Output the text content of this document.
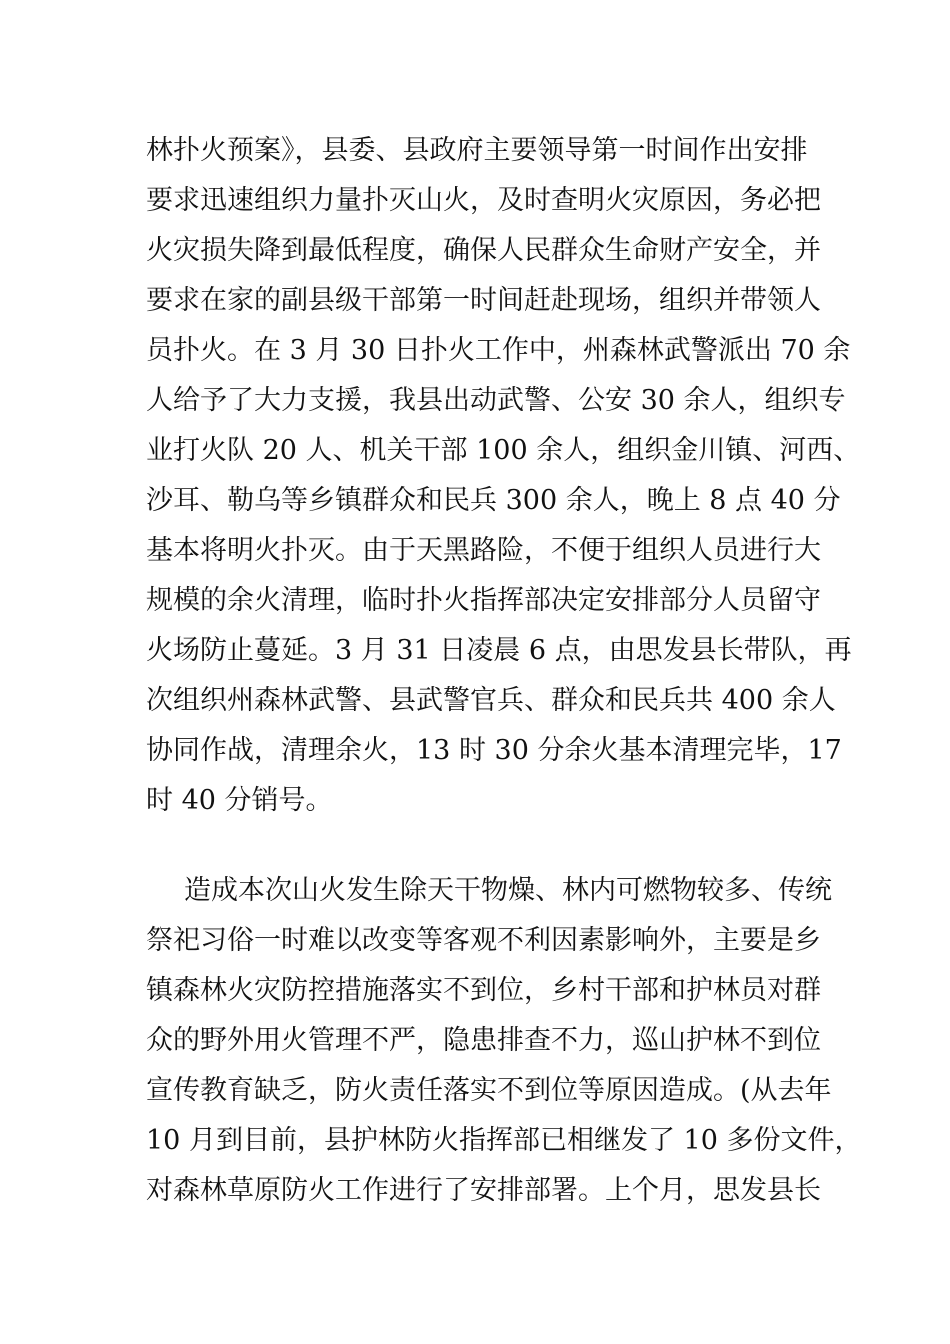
林扑火预案》，县委、县政府主要领导第一时间作出安排
要求迅速组织力量扑灭山火，及时查明火灾原因，务必把
火灾损失降到最低程度，确保人民群众生命财产安全，并
要求在家的副县级干部第一时间赶赴现场，组织并带领人
员扑火。在 3 月 30 日扑火工作中，州森林武警派出 70 余
人给予了大力支援，我县出动武警、公安 30 余人，组织专
业打火队 20 人、机关干部 100 余人，组织金川镇、河西、
沙耳、勒乌等乡镇群众和民兵 300 余人，晚上 8 点 40 分
基本将明火扑灭。由于天黑路险，不便于组织人员进行大
规模的余火清理，临时扑火指挥部决定安排部分人员留守
火场防止蔓延。3 月 31 日凌晨 6 点，由思发县长带队，再
次组织州森林武警、县武警官兵、群众和民兵共 400 余人
协同作战，清理余火，13 时 30 分余火基本清理完毕，17
时 40 分销号。
造成本次山火发生除天干物燥、林内可燃物较多、传统
祭祀习俗一时难以改变等客观不利因素影响外，主要是乡
镇森林火灾防控措施落实不到位，乡村干部和护林员对群
众的野外用火管理不严，隐患排查不力，巡山护林不到位
宣传教育缺乏，防火责任落实不到位等原因造成。(从去年
10 月到目前，县护林防火指挥部已相继发了 10 多份文件，
对森林草原防火工作进行了安排部署。上个月，思发县长
